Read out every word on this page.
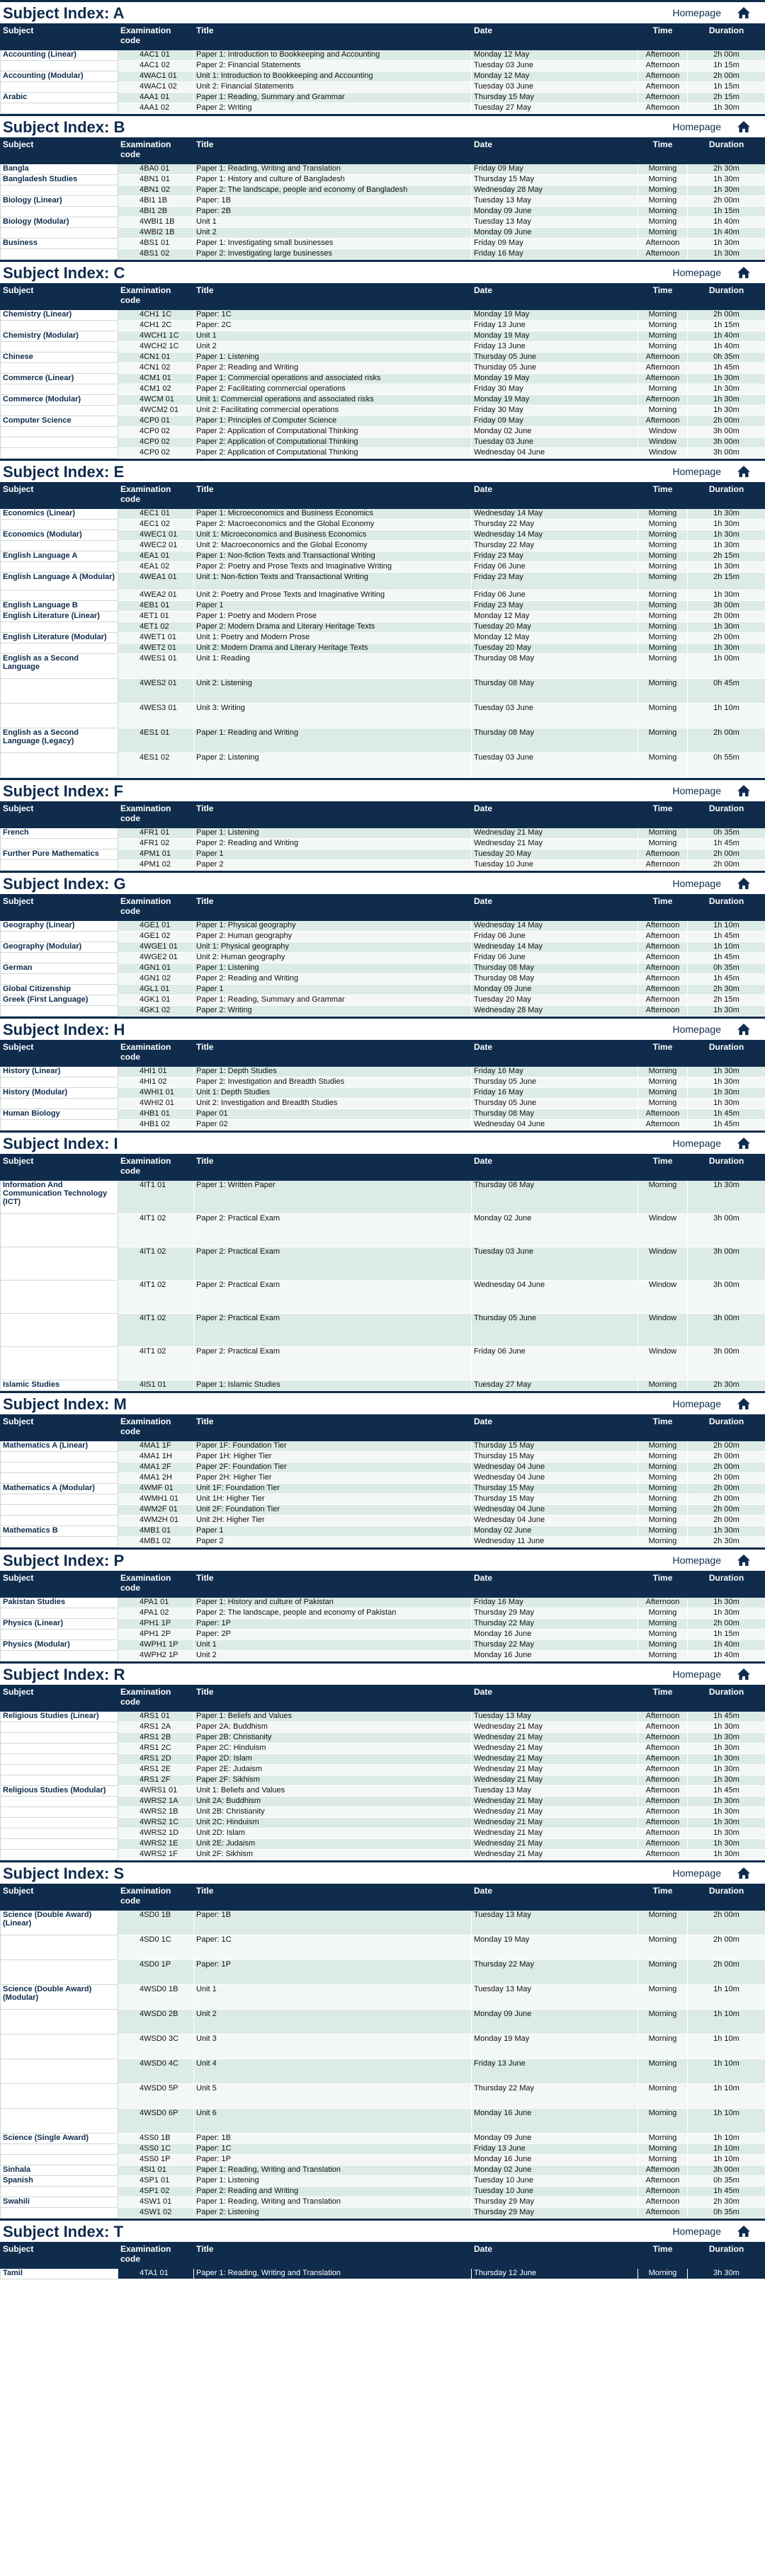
Subject Index: A	Homepage
Subject	Examination code	Title	Date	Time	Duration
Accounting (Linear)	4AC1 01	Paper 1: Introduction to Bookkeeping and Accounting	Monday 12 May	Afternoon	2h 00m
	4AC1 02	Paper 2: Financial Statements	Tuesday 03 June	Afternoon	1h 15m
Accounting (Modular)	4WAC1 01	Unit 1: Introduction to Bookkeeping and Accounting	Monday 12 May	Afternoon	2h 00m
	4WAC1 02	Unit 2: Financial Statements	Tuesday 03 June	Afternoon	1h 15m
Arabic	4AA1 01	Paper 1: Reading, Summary and Grammar	Thursday 15 May	Afternoon	2h 15m
	4AA1 02	Paper 2: Writing	Tuesday 27 May	Afternoon	1h 30m
Subject Index: B	Homepage
Subject	Examination code	Title	Date	Time	Duration
Bangla	4BA0 01	Paper 1: Reading, Writing and Translation	Friday 09 May	Morning	2h 30m
Bangladesh Studies	4BN1 01	Paper 1: History and culture of Bangladesh	Thursday 15 May	Morning	1h 30m
	4BN1 02	Paper 2: The landscape, people and economy of Bangladesh	Wednesday 28 May	Morning	1h 30m
Biology (Linear)	4BI1 1B	Paper: 1B	Tuesday 13 May	Morning	2h 00m
	4BI1 2B	Paper: 2B	Monday 09 June	Morning	1h 15m
Biology (Modular)	4WBI1 1B	Unit 1	Tuesday 13 May	Morning	1h 40m
	4WBI2 1B	Unit 2	Monday 09 June	Morning	1h 40m
Business	4BS1 01	Paper 1: Investigating small businesses	Friday 09 May	Afternoon	1h 30m
	4BS1 02	Paper 2: Investigating large businesses	Friday 16 May	Afternoon	1h 30m
Subject Index: C	Homepage
Subject	Examination code	Title	Date	Time	Duration
Chemistry (Linear)	4CH1 1C	Paper: 1C	Monday 19 May	Morning	2h 00m
	4CH1 2C	Paper: 2C	Friday 13 June	Morning	1h 15m
Chemistry (Modular)	4WCH1 1C	Unit 1	Monday 19 May	Morning	1h 40m
	4WCH2 1C	Unit 2	Friday 13 June	Morning	1h 40m
Chinese	4CN1 01	Paper 1: Listening	Thursday 05 June	Afternoon	0h 35m
	4CN1 02	Paper 2: Reading and Writing	Thursday 05 June	Afternoon	1h 45m
Commerce (Linear)	4CM1 01	Paper 1: Commercial operations and associated risks	Monday 19 May	Afternoon	1h 30m
	4CM1 02	Paper 2: Facilitating commercial operations	Friday 30 May	Morning	1h 30m
Commerce (Modular)	4WCM 01	Unit 1: Commercial operations and associated risks	Monday 19 May	Afternoon	1h 30m
	4WCM2 01	Unit 2: Facilitating commercial operations	Friday 30 May	Morning	1h 30m
Computer Science	4CP0 01	Paper 1: Principles of Computer Science	Friday 09 May	Afternoon	2h 00m
	4CP0 02	Paper 2: Application of Computational Thinking	Monday 02 June	Window	3h 00m
	4CP0 02	Paper 2: Application of Computational Thinking	Tuesday 03 June	Window	3h 00m
	4CP0 02	Paper 2: Application of Computational Thinking	Wednesday 04 June	Window	3h 00m
Subject Index: E	Homepage
Subject	Examination code	Title	Date	Time	Duration
Economics (Linear)	4EC1 01	Paper 1: Microeconomics and Business Economics	Wednesday 14 May	Morning	1h 30m
	4EC1 02	Paper 2: Macroeconomics and the Global Economy	Thursday 22 May	Morning	1h 30m
Economics (Modular)	4WEC1 01	Unit 1: Microeconomics and Business Economics	Wednesday 14 May	Morning	1h 30m
	4WEC2 01	Unit 2: Macroeconomics and the Global Economy	Thursday 22 May	Morning	1h 30m
English Language A	4EA1 01	Paper 1: Non-fiction Texts and Transactional Writing	Friday 23 May	Morning	2h 15m
	4EA1 02	Paper 2: Poetry and Prose Texts and Imaginative Writing	Friday 06 June	Morning	1h 30m
English Language A (Modular)	4WEA1 01	Unit 1: Non-fiction Texts and Transactional Writing	Friday 23 May	Morning	2h 15m
	4WEA2 01	Unit 2: Poetry and Prose Texts and Imaginative Writing	Friday 06 June	Morning	1h 30m
English Language B	4EB1 01	Paper 1	Friday 23 May	Morning	3h 00m
English Literature (Linear)	4ET1 01	Paper 1: Poetry and Modern Prose	Monday 12 May	Morning	2h 00m
	4ET1 02	Paper 2: Modern Drama and Literary Heritage Texts	Tuesday 20 May	Morning	1h 30m
English Literature (Modular)	4WET1 01	Unit 1: Poetry and Modern Prose	Monday 12 May	Morning	2h 00m
	4WET2 01	Unit 2: Modern Drama and Literary Heritage Texts	Tuesday 20 May	Morning	1h 30m
English as a Second Language	4WES1 01	Unit 1: Reading	Thursday 08 May	Morning	1h 00m
	4WES2 01	Unit 2: Listening	Thursday 08 May	Morning	0h 45m
	4WES3 01	Unit 3: Writing	Tuesday 03 June	Morning	1h 10m
English as a Second Language (Legacy)	4ES1 01	Paper 1: Reading and Writing	Thursday 08 May	Morning	2h 00m
	4ES1 02	Paper 2: Listening	Tuesday 03 June	Morning	0h 55m
Subject Index: F	Homepage
Subject	Examination code	Title	Date	Time	Duration
French	4FR1 01	Paper 1: Listening	Wednesday 21 May	Morning	0h 35m
	4FR1 02	Paper 2: Reading and Writing	Wednesday 21 May	Morning	1h 45m
Further Pure Mathematics	4PM1 01	Paper 1	Tuesday 20 May	Afternoon	2h 00m
	4PM1 02	Paper 2	Tuesday 10 June	Afternoon	2h 00m
Subject Index: G	Homepage
Subject	Examination code	Title	Date	Time	Duration
Geography (Linear)	4GE1 01	Paper 1: Physical geography	Wednesday 14 May	Afternoon	1h 10m
	4GE1 02	Paper 2: Human geography	Friday 06 June	Afternoon	1h 45m
Geography (Modular)	4WGE1 01	Unit 1: Physical geography	Wednesday 14 May	Afternoon	1h 10m
	4WGE2 01	Unit 2: Human geography	Friday 06 June	Afternoon	1h 45m
German	4GN1 01	Paper 1: Listening	Thursday 08 May	Afternoon	0h 35m
	4GN1 02	Paper 2: Reading and Writing	Thursday 08 May	Afternoon	1h 45m
Global Citizenship	4GL1 01	Paper 1	Monday 09 June	Afternoon	2h 30m
Greek (First Language)	4GK1 01	Paper 1: Reading, Summary and Grammar	Tuesday 20 May	Afternoon	2h 15m
	4GK1 02	Paper 2: Writing	Wednesday 28 May	Afternoon	1h 30m
Subject Index: H	Homepage
Subject	Examination code	Title	Date	Time	Duration
History (Linear)	4HI1 01	Paper 1: Depth Studies	Friday 16 May	Morning	1h 30m
	4HI1 02	Paper 2: Investigation and Breadth Studies	Thursday 05 June	Morning	1h 30m
History (Modular)	4WHI1 01	Unit 1: Depth Studies	Friday 16 May	Morning	1h 30m
	4WHI2 01	Unit 2: Investigation and Breadth Studies	Thursday 05 June	Morning	1h 30m
Human Biology	4HB1 01	Paper 01	Thursday 08 May	Afternoon	1h 45m
	4HB1 02	Paper 02	Wednesday 04 June	Afternoon	1h 45m
Subject Index: I	Homepage
Subject	Examination code	Title	Date	Time	Duration
Information And Communication Technology (ICT)	4IT1 01	Paper 1: Written Paper	Thursday 08 May	Morning	1h 30m
	4IT1 02	Paper 2: Practical Exam	Monday 02 June	Window	3h 00m
	4IT1 02	Paper 2: Practical Exam	Tuesday 03 June	Window	3h 00m
	4IT1 02	Paper 2: Practical Exam	Wednesday 04 June	Window	3h 00m
	4IT1 02	Paper 2: Practical Exam	Thursday 05 June	Window	3h 00m
	4IT1 02	Paper 2: Practical Exam	Friday 06 June	Window	3h 00m
Islamic Studies	4IS1 01	Paper 1: Islamic Studies	Tuesday 27 May	Morning	2h 30m
Subject Index: M	Homepage
Subject	Examination code	Title	Date	Time	Duration
Mathematics A (Linear)	4MA1 1F	Paper 1F: Foundation Tier	Thursday 15 May	Morning	2h 00m
	4MA1 1H	Paper 1H: Higher Tier	Thursday 15 May	Morning	2h 00m
	4MA1 2F	Paper 2F: Foundation Tier	Wednesday 04 June	Morning	2h 00m
	4MA1 2H	Paper 2H: Higher Tier	Wednesday 04 June	Morning	2h 00m
Mathematics A (Modular)	4WMF 01	Unit 1F: Foundation Tier	Thursday 15 May	Morning	2h 00m
	4WMH1 01	Unit 1H: Higher Tier	Thursday 15 May	Morning	2h 00m
	4WM2F 01	Unit 2F: Foundation Tier	Wednesday 04 June	Morning	2h 00m
	4WM2H 01	Unit 2H: Higher Tier	Wednesday 04 June	Morning	2h 00m
Mathematics B	4MB1 01	Paper 1	Monday 02 June	Morning	1h 30m
	4MB1 02	Paper 2	Wednesday 11 June	Morning	2h 30m
Subject Index: P	Homepage
Subject	Examination code	Title	Date	Time	Duration
Pakistan Studies	4PA1 01	Paper 1: History and culture of Pakistan	Friday 16 May	Afternoon	1h 30m
	4PA1 02	Paper 2: The landscape, people and economy of Pakistan	Thursday 29 May	Morning	1h 30m
Physics (Linear)	4PH1 1P	Paper: 1P	Thursday 22 May	Morning	2h 00m
	4PH1 2P	Paper: 2P	Monday 16 June	Morning	1h 15m
Physics (Modular)	4WPH1 1P	Unit 1	Thursday 22 May	Morning	1h 40m
	4WPH2 1P	Unit 2	Monday 16 June	Morning	1h 40m
Subject Index: R	Homepage
Subject	Examination code	Title	Date	Time	Duration
Religious Studies (Linear)	4RS1 01	Paper 1: Beliefs and Values	Tuesday 13 May	Afternoon	1h 45m
	4RS1 2A	Paper 2A: Buddhism	Wednesday 21 May	Afternoon	1h 30m
	4RS1 2B	Paper 2B: Christianity	Wednesday 21 May	Afternoon	1h 30m
	4RS1 2C	Paper 2C: Hinduism	Wednesday 21 May	Afternoon	1h 30m
	4RS1 2D	Paper 2D: Islam	Wednesday 21 May	Afternoon	1h 30m
	4RS1 2E	Paper 2E: Judaism	Wednesday 21 May	Afternoon	1h 30m
	4RS1 2F	Paper 2F: Sikhism	Wednesday 21 May	Afternoon	1h 30m
Religious Studies (Modular)	4WRS1 01	Unit 1: Beliefs and Values	Tuesday 13 May	Afternoon	1h 45m
	4WRS2 1A	Unit 2A: Buddhism	Wednesday 21 May	Afternoon	1h 30m
	4WRS2 1B	Unit 2B: Christianity	Wednesday 21 May	Afternoon	1h 30m
	4WRS2 1C	Unit 2C: Hinduism	Wednesday 21 May	Afternoon	1h 30m
	4WRS2 1D	Unit 2D: Islam	Wednesday 21 May	Afternoon	1h 30m
	4WRS2 1E	Unit 2E: Judaism	Wednesday 21 May	Afternoon	1h 30m
	4WRS2 1F	Unit 2F: Sikhism	Wednesday 21 May	Afternoon	1h 30m
Subject Index: S	Homepage
Subject	Examination code	Title	Date	Time	Duration
Science (Double Award) (Linear)	4SD0 1B	Paper: 1B	Tuesday 13 May	Morning	2h 00m
	4SD0 1C	Paper: 1C	Monday 19 May	Morning	2h 00m
	4SD0 1P	Paper: 1P	Thursday 22 May	Morning	2h 00m
Science (Double Award) (Modular)	4WSD0 1B	Unit 1	Tuesday 13 May	Morning	1h 10m
	4WSD0 2B	Unit 2	Monday 09 June	Morning	1h 10m
	4WSD0 3C	Unit 3	Monday 19 May	Morning	1h 10m
	4WSD0 4C	Unit 4	Friday 13 June	Morning	1h 10m
	4WSD0 5P	Unit 5	Thursday 22 May	Morning	1h 10m
	4WSD0 6P	Unit 6	Monday 16 June	Morning	1h 10m
Science (Single Award)	4SS0 1B	Paper: 1B	Monday 09 June	Morning	1h 10m
	4SS0 1C	Paper: 1C	Friday 13 June	Morning	1h 10m
	4SS0 1P	Paper: 1P	Monday 16 June	Morning	1h 10m
Sinhala	4SI1 01	Paper 1: Reading, Writing and Translation	Monday 02 June	Afternoon	3h 00m
Spanish	4SP1 01	Paper 1: Listening	Tuesday 10 June	Afternoon	0h 35m
	4SP1 02	Paper 2: Reading and Writing	Tuesday 10 June	Afternoon	1h 45m
Swahili	4SW1 01	Paper 1: Reading, Writing and Translation	Thursday 29 May	Afternoon	2h 30m
	4SW1 02	Paper 2: Listening	Thursday 29 May	Afternoon	0h 35m
Subject Index: T	Homepage
Subject	Examination code	Title	Date	Time	Duration
Tamil	4TA1 01	Paper 1: Reading, Writing and Translation	Thursday 12 June	Morning	3h 30m
